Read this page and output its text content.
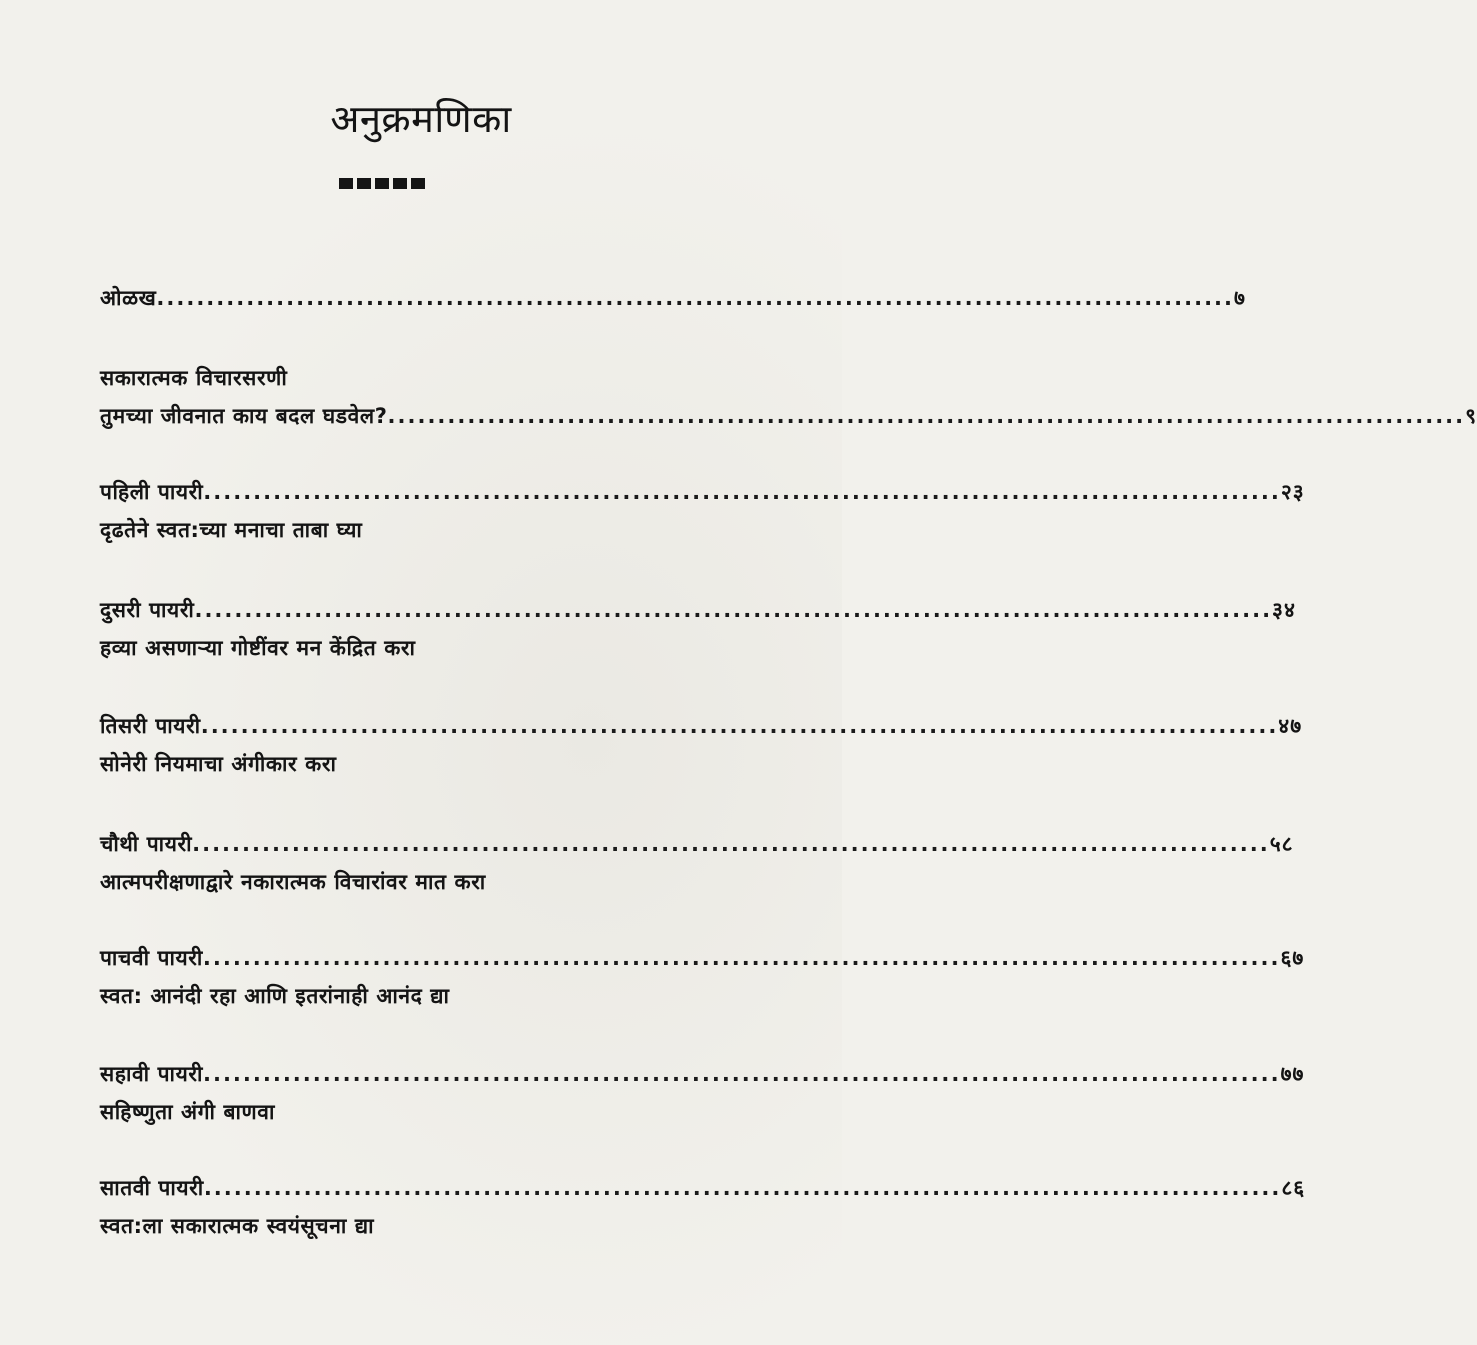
अनुक्रमणिका
ओळख ............................................................................................................ ७
सकारात्मक विचारसरणी
तुमच्या जीवनात काय बदल घडवेल? ............................................................................................................ ९
पहिली पायरी ............................................................................................................ २३
दृढतेने स्वत:च्या मनाचा ताबा घ्या
दुसरी पायरी ............................................................................................................ ३४
हव्या असणाऱ्या गोष्टींवर मन केंद्रित करा
तिसरी पायरी ............................................................................................................ ४७
सोनेरी नियमाचा अंगीकार करा
चौथी पायरी ............................................................................................................ ५८
आत्मपरीक्षणाद्वारे नकारात्मक विचारांवर मात करा
पाचवी पायरी ............................................................................................................ ६७
स्वत: आनंदी रहा आणि इतरांनाही आनंद द्या
सहावी पायरी ............................................................................................................ ७७
सहिष्णुता अंगी बाणवा
सातवी पायरी ............................................................................................................ ८६
स्वत:ला सकारात्मक स्वयंसूचना द्या
